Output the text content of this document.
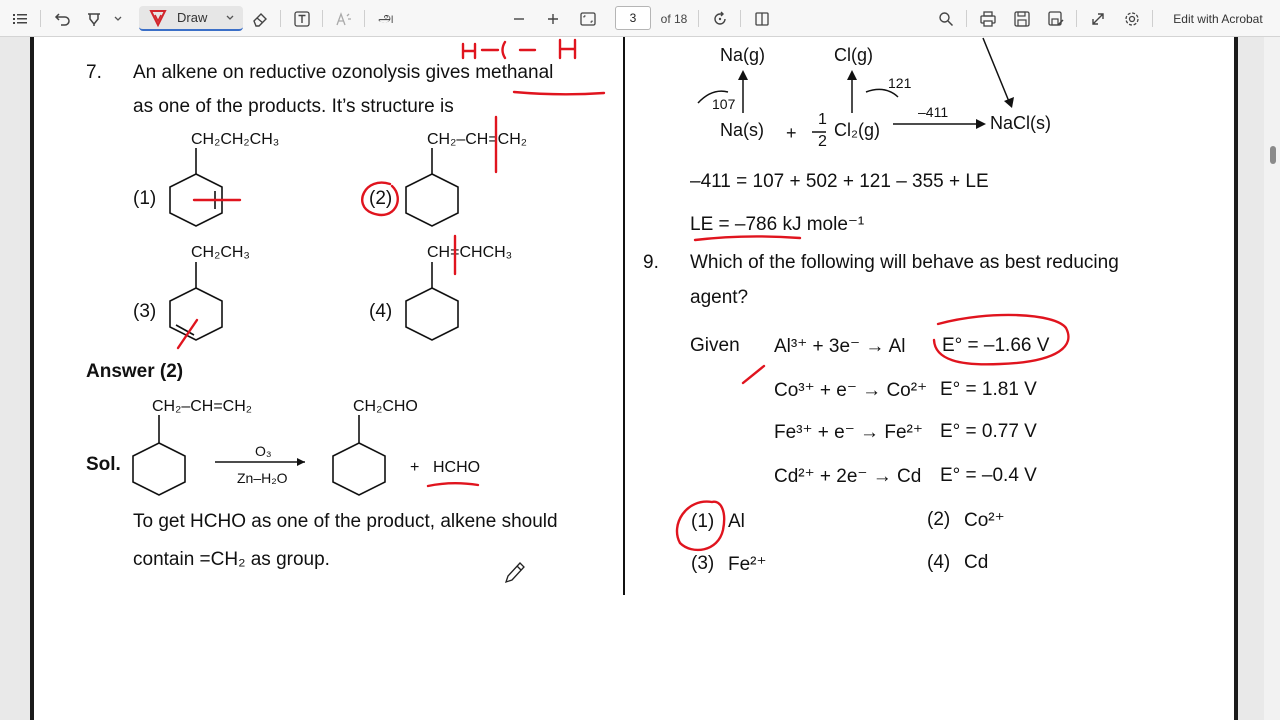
Draw	அ	3	of 18	Edit with Acrobat
7. An alkene on reductive ozonolysis gives methanal
as one of the products. It’s structure is
(1)
CH₂CH₂CH₃
(2)
CH₂–CH=CH₂
(3)
CH₂CH₃
(4)
CH=CHCH₃
Answer (2)
Sol.
CH₂–CH=CH₂
O₃
Zn–H₂O
CH₂CHO
+ HCHO
To get HCHO as one of the product, alkene should
contain =CH₂ as group.
Na(g)	Cl(g)
Na(s) +
1
2
Cl₂(g)	NaCl(s)
107
121
–411
–411 = 107 + 502 + 121 – 355 + LE
LE = –786 kJ mole⁻¹
9. Which of the following will behave as best reducing
agent?
Given Al³⁺ + 3e⁻ → Al E° = –1.66 V
Co³⁺ + e⁻ → Co²⁺ E° = 1.81 V
Fe³⁺ + e⁻ → Fe²⁺ E° = 0.77 V
Cd²⁺ + 2e⁻ → Cd E° = –0.4 V
(1) Al	(2) Co²⁺
(3) Fe²⁺	(4) Cd
